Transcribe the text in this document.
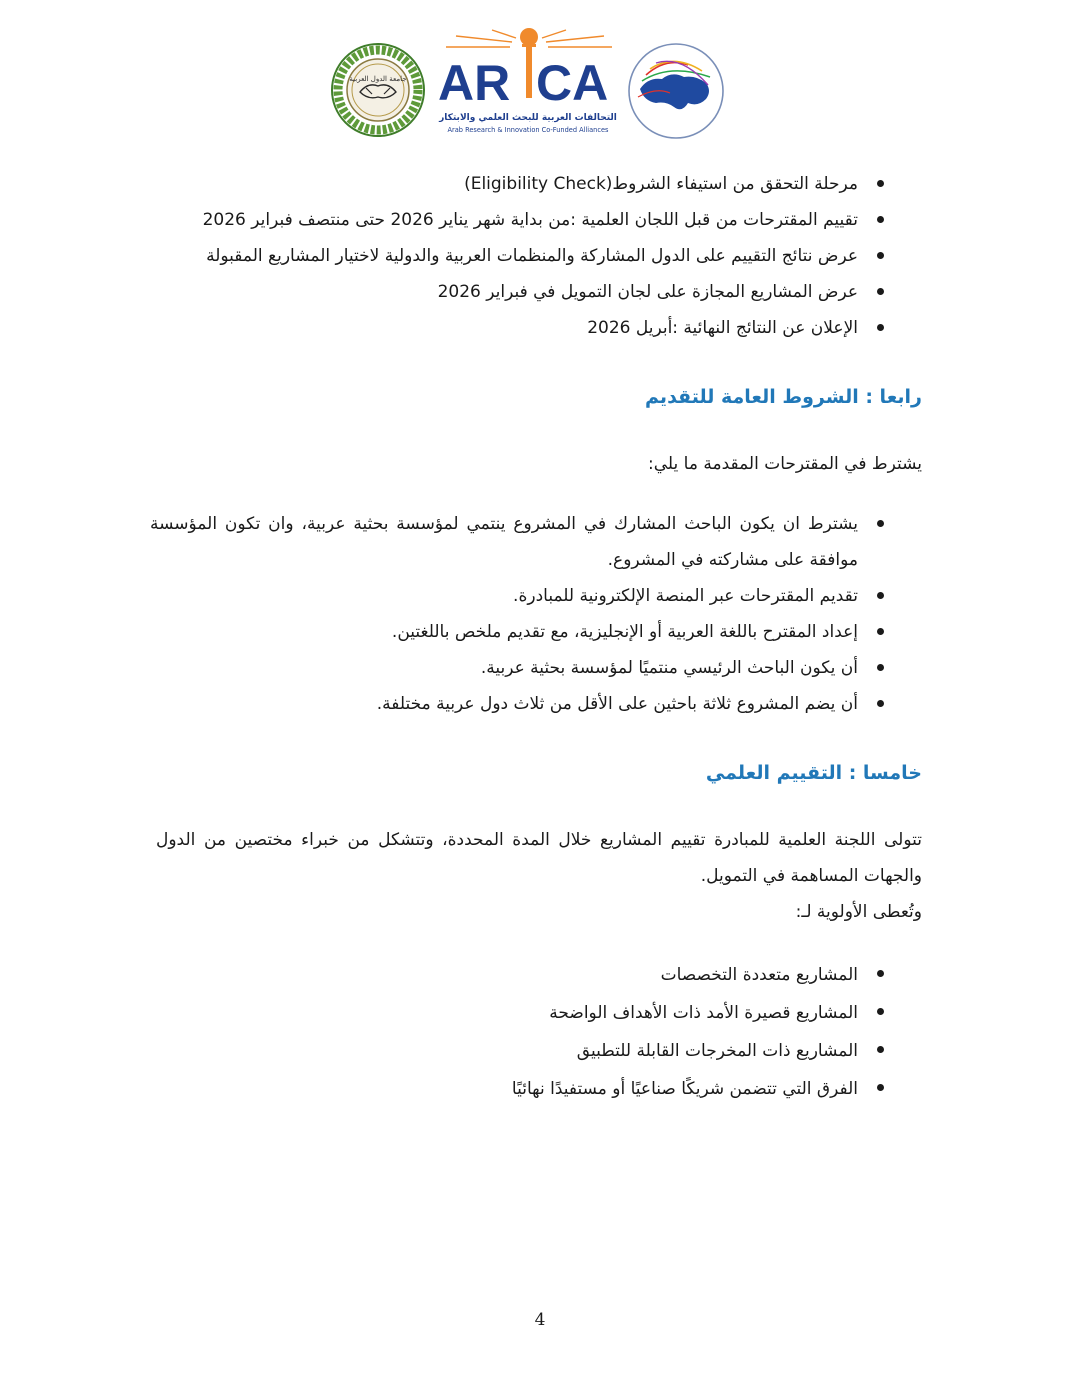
جامعة الدول العربية AR CA
التحالفات العربية للبحث العلمي والابتكار
Arab Research & Innovation Co-Funded Alliances
مرحلة التحقق من استيفاء الشروط(Eligibility Check)
تقييم المقترحات من قبل اللجان العلمية :من بداية شهر يناير 2026 حتى منتصف فبراير 2026
عرض نتائج التقييم على الدول المشاركة والمنظمات العربية والدولية لاختيار المشاريع المقبولة
عرض المشاريع المجازة على لجان التمويل في فبراير 2026
الإعلان عن النتائج النهائية :أبريل 2026
رابعا : الشروط العامة للتقديم

يشترط في المقترحات المقدمة ما يلي:

يشترط ان يكون الباحث المشارك في المشروع ينتمي لمؤسسة بحثية عربية، وان تكون المؤسسة موافقة على مشاركته في المشروع.
تقديم المقترحات عبر المنصة الإلكترونية للمبادرة.
إعداد المقترح باللغة العربية أو الإنجليزية، مع تقديم ملخص باللغتين.
أن يكون الباحث الرئيسي منتميًا لمؤسسة بحثية عربية.
أن يضم المشروع ثلاثة باحثين على الأقل من ثلاث دول عربية مختلفة.
خامسا : التقييم العلمي

تتولى اللجنة العلمية للمبادرة تقييم المشاريع خلال المدة المحددة، وتتشكل من خبراء مختصين من الدول والجهات المساهمة في التمويل.

وتُعطى الأولوية لـ:

المشاريع متعددة التخصصات
المشاريع قصيرة الأمد ذات الأهداف الواضحة
المشاريع ذات المخرجات القابلة للتطبيق
الفرق التي تتضمن شريكًا صناعيًا أو مستفيدًا نهائيًا
4
